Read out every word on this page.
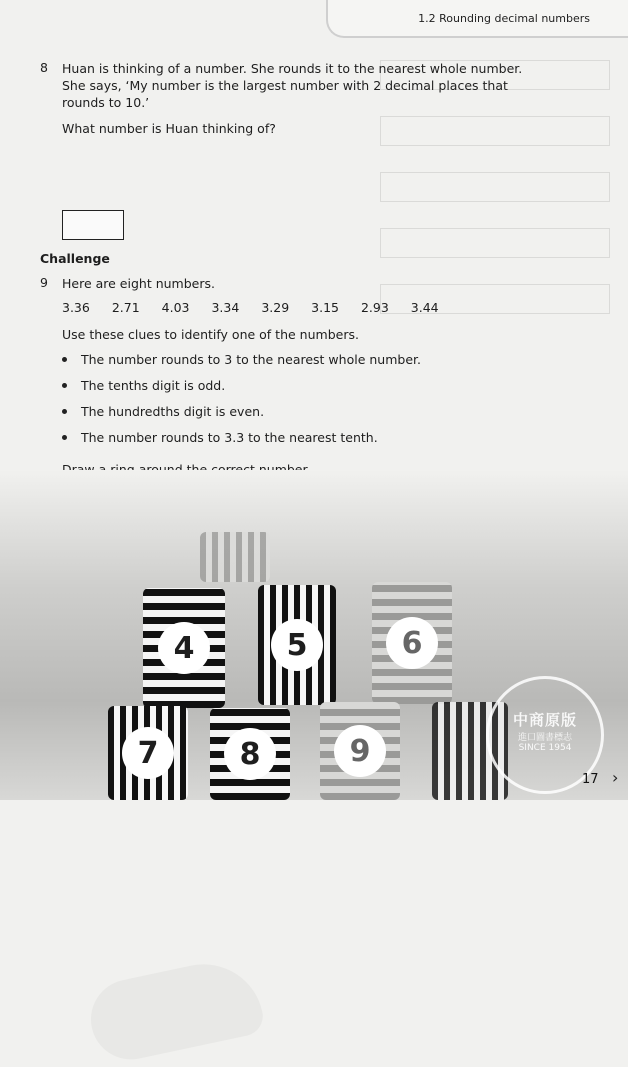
1.2 Rounding decimal numbers
8 Huan is thinking of a number. She rounds it to the nearest whole number.
She says, ‘My number is the largest number with 2 decimal places that
rounds to 10.’
What number is Huan thinking of?
Challenge
9 Here are eight numbers.
3.36 2.71 4.03 3.34 3.29 3.15 2.93 3.44
Use these clues to identify one of the numbers.
The number rounds to 3 to the nearest whole number.
The tenths digit is odd.
The hundredths digit is even.
The number rounds to 3.3 to the nearest tenth.
4	5	6
7	8	9
中商原版
進口圖書標志
SINCE 1954
17 ›
